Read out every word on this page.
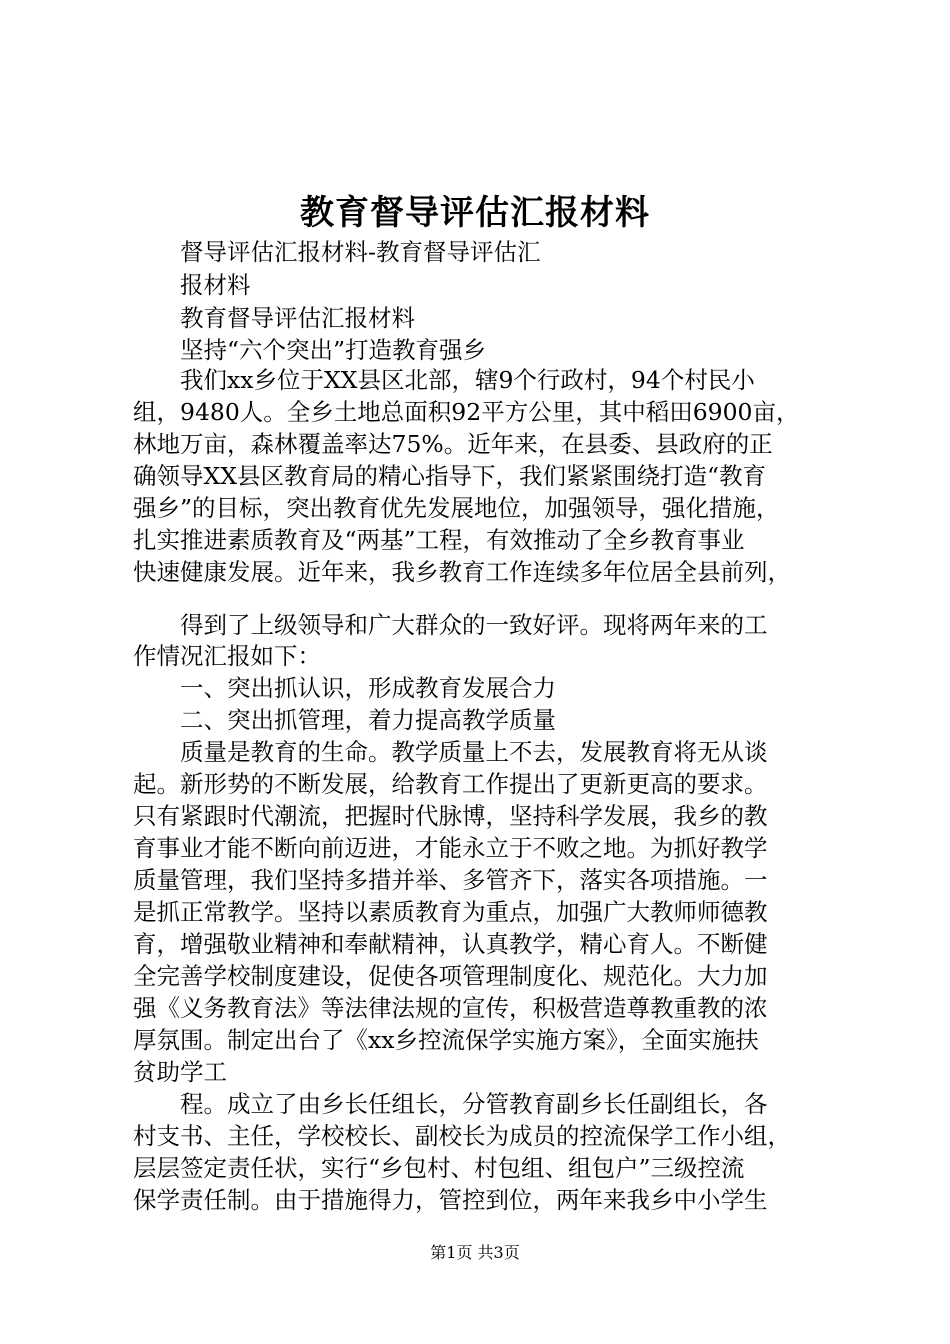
教育督导评估汇报材料
督导评估汇报材料-教育督导评估汇
报材料
教育督导评估汇报材料
坚持“六个突出”打造教育强乡
我们xx乡位于XX县区北部，辖9个行政村，94个村民小
组，9480人。全乡土地总面积92平方公里，其中稻田6900亩，
林地万亩，森林覆盖率达75%。近年来，在县委、县政府的正
确领导XX县区教育局的精心指导下，我们紧紧围绕打造“教育
强乡”的目标，突出教育优先发展地位，加强领导，强化措施，
扎实推进素质教育及“两基”工程，有效推动了全乡教育事业
快速健康发展。近年来，我乡教育工作连续多年位居全县前列，
得到了上级领导和广大群众的一致好评。现将两年来的工
作情况汇报如下：
一、突出抓认识，形成教育发展合力
二、突出抓管理，着力提高教学质量
质量是教育的生命。教学质量上不去，发展教育将无从谈
起。新形势的不断发展，给教育工作提出了更新更高的要求。
只有紧跟时代潮流，把握时代脉博，坚持科学发展，我乡的教
育事业才能不断向前迈进，才能永立于不败之地。为抓好教学
质量管理，我们坚持多措并举、多管齐下，落实各项措施。一
是抓正常教学。坚持以素质教育为重点，加强广大教师师德教
育，增强敬业精神和奉献精神，认真教学，精心育人。不断健
全完善学校制度建设，促使各项管理制度化、规范化。大力加
强《义务教育法》等法律法规的宣传，积极营造尊教重教的浓
厚氛围。制定出台了《xx乡控流保学实施方案》，全面实施扶
贫助学工
程。成立了由乡长任组长，分管教育副乡长任副组长，各
村支书、主任，学校校长、副校长为成员的控流保学工作小组，
层层签定责任状，实行“乡包村、村包组、组包户”三级控流
保学责任制。由于措施得力，管控到位，两年来我乡中小学生
第1页 共3页
